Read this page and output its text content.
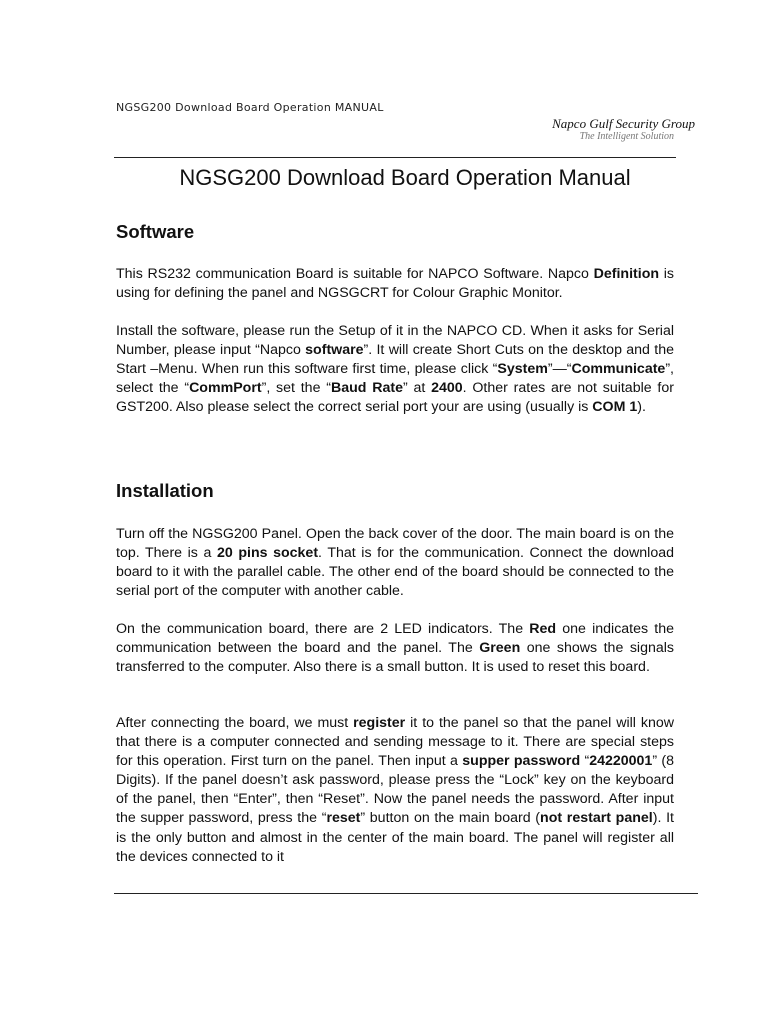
NGSG200 Download Board Operation MANUAL
Napco Gulf Security Group
The Intelligent Solution
NGSG200 Download Board Operation Manual
Software

This RS232 communication Board is suitable for NAPCO Software. Napco Definition is using for defining the panel and NGSGCRT for Colour Graphic Monitor.

Install the software, please run the Setup of it in the NAPCO CD. When it asks for Serial Number, please input “Napco software”. It will create Short Cuts on the desktop and the Start –Menu. When run this software first time, please click “System”—“Communicate”, select the “CommPort”, set the “Baud Rate” at 2400. Other rates are not suitable for GST200. Also please select the correct serial port your are using (usually is COM 1).

Installation

Turn off the NGSG200 Panel. Open the back cover of the door. The main board is on the top. There is a 20 pins socket. That is for the communication. Connect the download board to it with the parallel cable. The other end of the board should be connected to the serial port of the computer with another cable.

On the communication board, there are 2 LED indicators. The Red one indicates the communication between the board and the panel. The Green one shows the signals transferred to the computer. Also there is a small button. It is used to reset this board.

After connecting the board, we must register it to the panel so that the panel will know that there is a computer connected and sending message to it. There are special steps for this operation. First turn on the panel. Then input a supper password “24220001” (8 Digits). If the panel doesn’t ask password, please press the “Lock” key on the keyboard of the panel, then “Enter”, then “Reset”. Now the panel needs the password. After input the supper password, press the “reset” button on the main board (not restart panel). It is the only button and almost in the center of the main board. The panel will register all the devices connected to it
